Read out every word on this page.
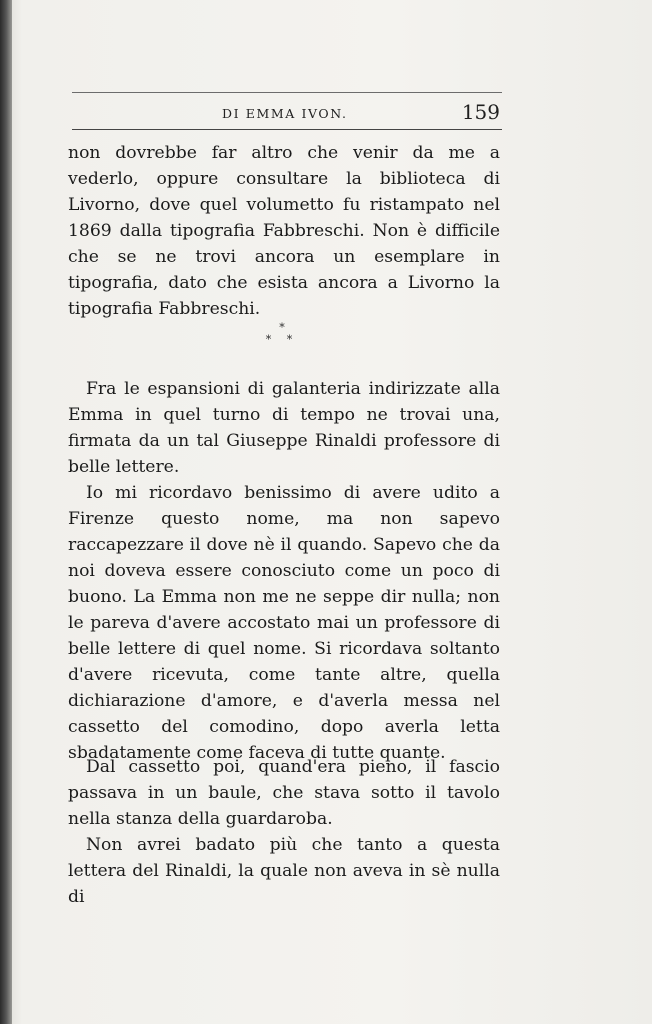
DI EMMA IVON.	159

non dovrebbe far altro che venir da me a vederlo, oppure consultare la biblioteca di Livorno, dove quel volumetto fu ristampato nel 1869 dalla tipografia Fabbreschi. Non è difficile che se ne trovi ancora un esemplare in tipografia, dato che esista ancora a Livorno la tipografia Fabbreschi.

*
* *

Fra le espansioni di galanteria indirizzate alla Emma in quel turno di tempo ne trovai una, firmata da un tal Giuseppe Rinaldi professore di belle lettere.

Io mi ricordavo benissimo di avere udito a Firenze questo nome, ma non sapevo raccapezzare il dove nè il quando. Sapevo che da noi doveva essere conosciuto come un poco di buono. La Emma non me ne seppe dir nulla; non le pareva d'avere accostato mai un professore di belle lettere di quel nome. Si ricordava soltanto d'avere ricevuta, come tante altre, quella dichiarazione d'amore, e d'averla messa nel cassetto del comodino, dopo averla letta sbadatamente come faceva di tutte quante.

Dal cassetto poi, quand'era pieno, il fascio passava in un baule, che stava sotto il tavolo nella stanza della guardaroba.

Non avrei badato più che tanto a questa lettera del Rinaldi, la quale non aveva in sè nulla di
